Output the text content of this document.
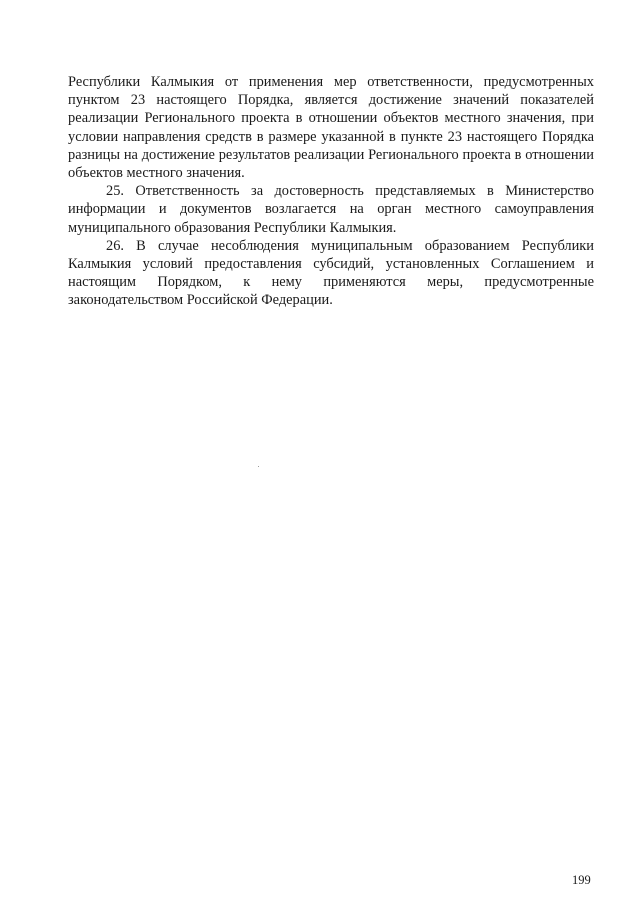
Республики Калмыкия от применения мер ответственности, предусмотренных пунктом 23 настоящего Порядка, является достижение значений показателей реализации Регионального проекта в отношении объектов местного значения, при условии направления средств в размере указанной в пункте 23 настоящего Порядка разницы на достижение результатов реализации Регионального проекта в отношении объектов местного значения.

25. Ответственность за достоверность представляемых в Министерство информации и документов возлагается на орган местного самоуправления муниципального образования Республики Калмыкия.

26. В случае несоблюдения муниципальным образованием Республики Калмыкия условий предоставления субсидий, установленных Соглашением и настоящим Порядком, к нему применяются меры, предусмотренные законодательством Российской Федерации.

199
